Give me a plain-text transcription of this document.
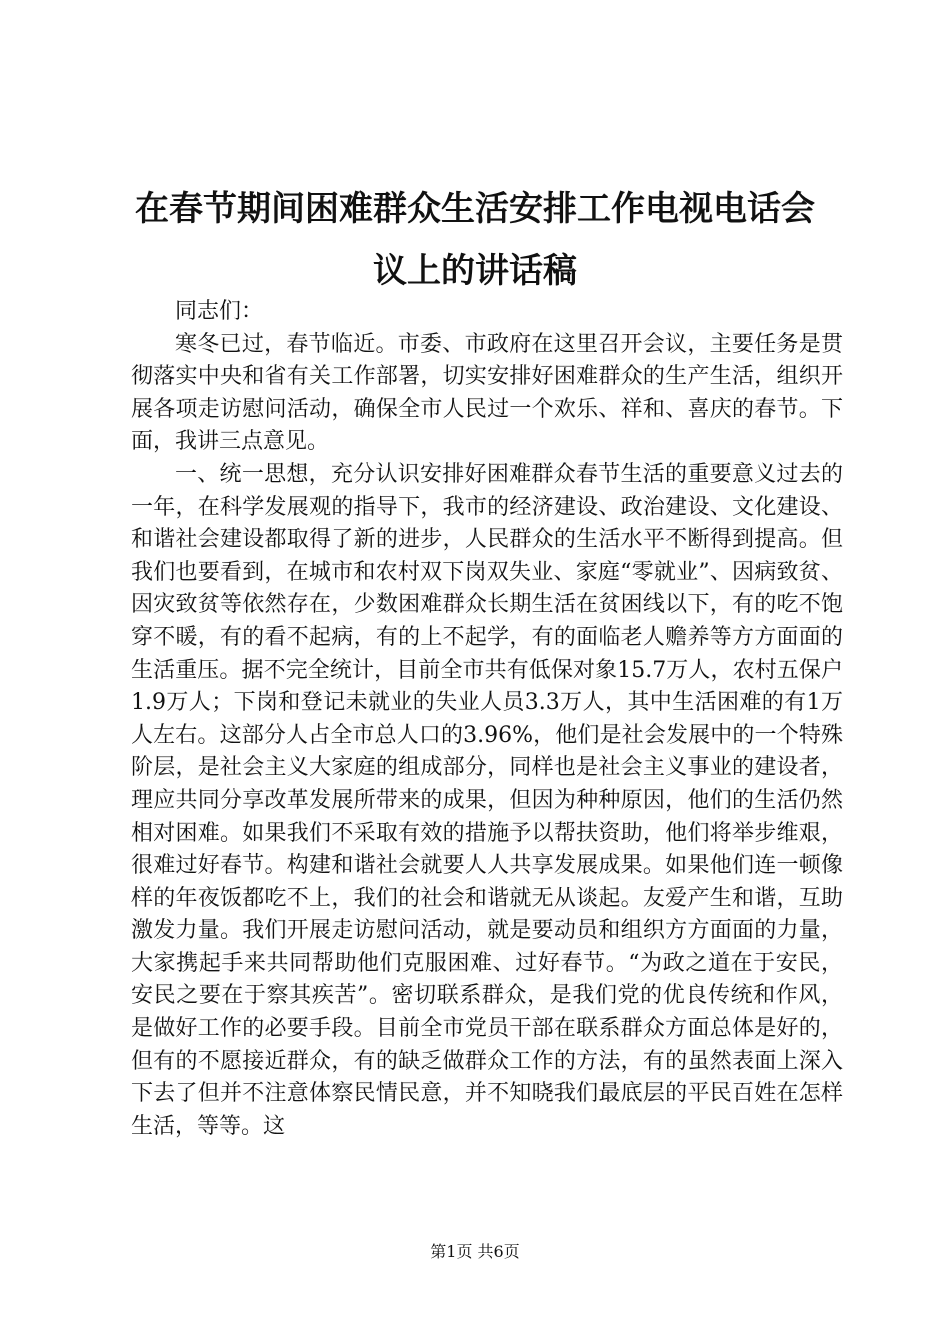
在春节期间困难群众生活安排工作电视电话会议上的讲话稿

同志们：

寒冬已过，春节临近。市委、市政府在这里召开会议，主要任务是贯彻落实中央和省有关工作部署，切实安排好困难群众的生产生活，组织开展各项走访慰问活动，确保全市人民过一个欢乐、祥和、喜庆的春节。下面，我讲三点意见。

一、统一思想，充分认识安排好困难群众春节生活的重要意义过去的一年，在科学发展观的指导下，我市的经济建设、政治建设、文化建设、和谐社会建设都取得了新的进步，人民群众的生活水平不断得到提高。但我们也要看到，在城市和农村双下岗双失业、家庭“零就业”、因病致贫、因灾致贫等依然存在，少数困难群众长期生活在贫困线以下，有的吃不饱穿不暖，有的看不起病，有的上不起学，有的面临老人赡养等方方面面的生活重压。据不完全统计，目前全市共有低保对象15.7万人，农村五保户1.9万人；下岗和登记未就业的失业人员3.3万人，其中生活困难的有1万人左右。这部分人占全市总人口的3.96%，他们是社会发展中的一个特殊阶层，是社会主义大家庭的组成部分，同样也是社会主义事业的建设者，理应共同分享改革发展所带来的成果，但因为种种原因，他们的生活仍然相对困难。如果我们不采取有效的措施予以帮扶资助，他们将举步维艰，很难过好春节。构建和谐社会就要人人共享发展成果。如果他们连一顿像样的年夜饭都吃不上，我们的社会和谐就无从谈起。友爱产生和谐，互助激发力量。我们开展走访慰问活动，就是要动员和组织方方面面的力量，大家携起手来共同帮助他们克服困难、过好春节。“为政之道在于安民，安民之要在于察其疾苦”。密切联系群众，是我们党的优良传统和作风，是做好工作的必要手段。目前全市党员干部在联系群众方面总体是好的，但有的不愿接近群众，有的缺乏做群众工作的方法，有的虽然表面上深入下去了但并不注意体察民情民意，并不知晓我们最底层的平民百姓在怎样生活，等等。这

第1页 共6页
